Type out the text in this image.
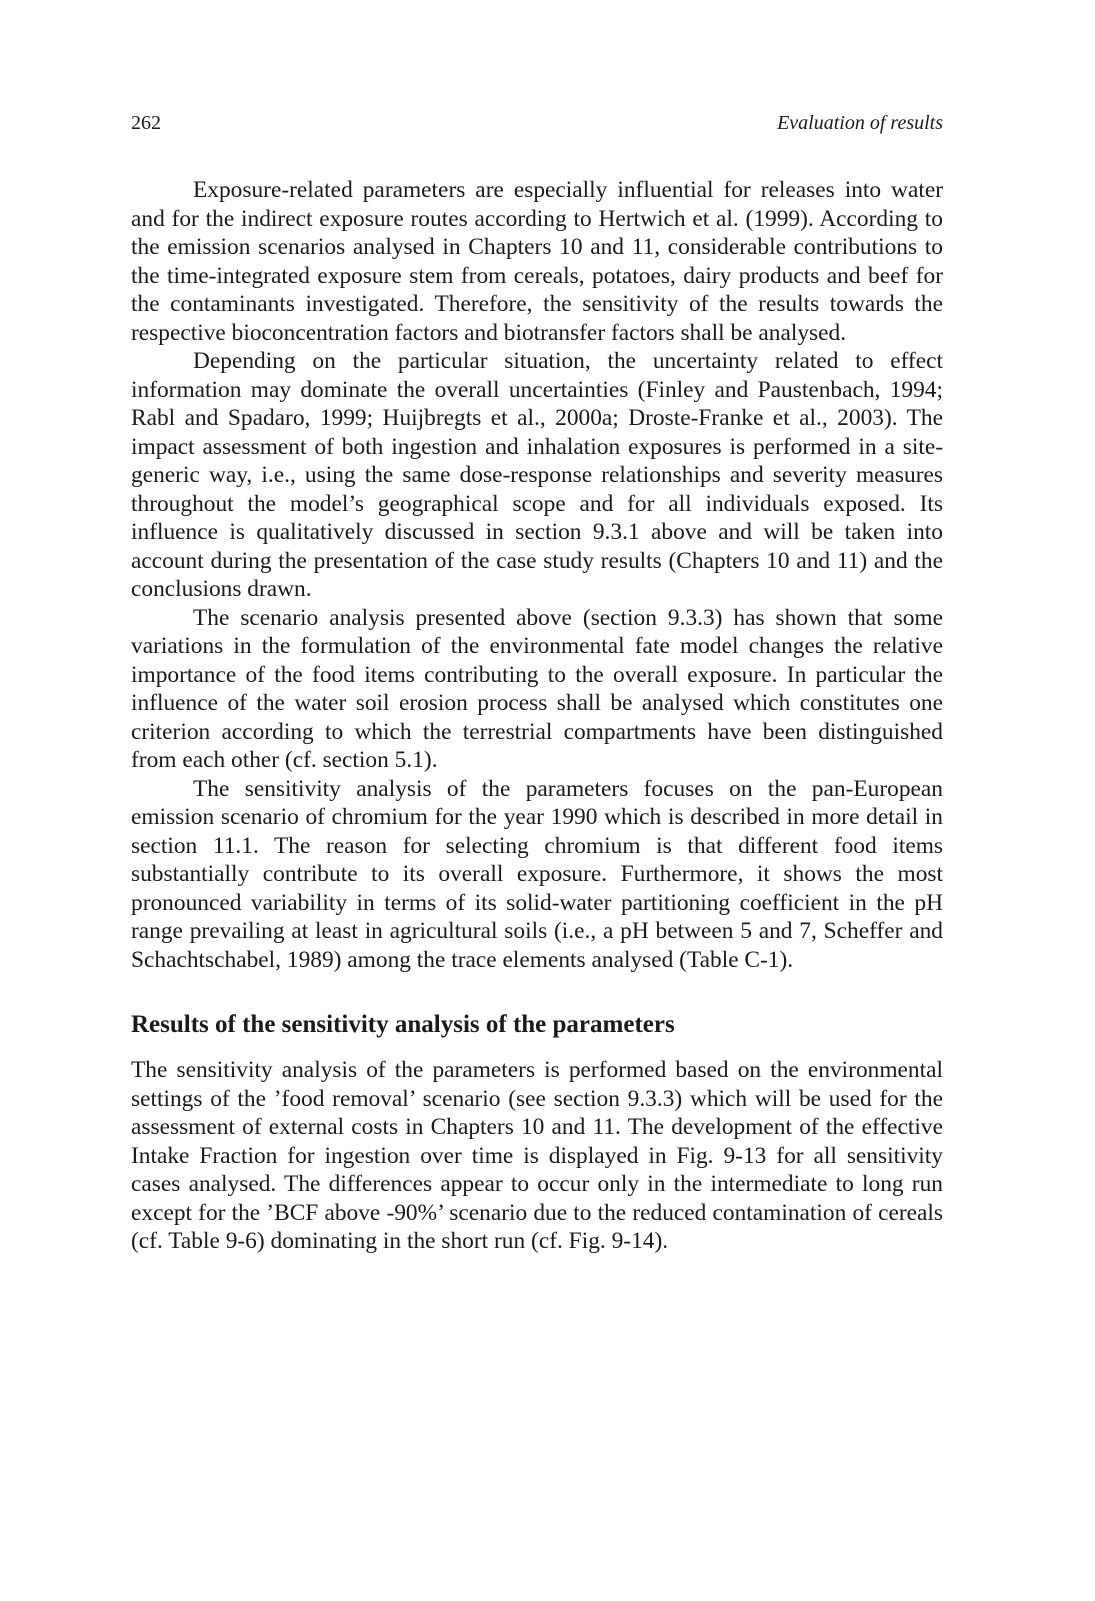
262	Evaluation of results

Exposure-related parameters are especially influential for releases into water and for the indirect exposure routes according to Hertwich et al. (1999). According to the emission scenarios analysed in Chapters 10 and 11, considerable contributions to the time-integrated exposure stem from cereals, potatoes, dairy products and beef for the contaminants investigated. Therefore, the sensitivity of the results towards the respective bioconcentration factors and biotransfer factors shall be analysed.

Depending on the particular situation, the uncertainty related to effect information may dominate the overall uncertainties (Finley and Paustenbach, 1994; Rabl and Spadaro, 1999; Huijbregts et al., 2000a; Droste-Franke et al., 2003). The impact assessment of both ingestion and inhalation exposures is performed in a site-generic way, i.e., using the same dose-response relationships and severity measures throughout the model’s geographical scope and for all individuals exposed. Its influence is qualitatively discussed in section 9.3.1 above and will be taken into account during the presentation of the case study results (Chapters 10 and 11) and the conclusions drawn.

The scenario analysis presented above (section 9.3.3) has shown that some variations in the formulation of the environmental fate model changes the relative importance of the food items contributing to the overall exposure. In particular the influence of the water soil erosion process shall be analysed which constitutes one criterion according to which the terrestrial compartments have been distinguished from each other (cf. section 5.1).

The sensitivity analysis of the parameters focuses on the pan-European emission scenario of chromium for the year 1990 which is described in more detail in section 11.1. The reason for selecting chromium is that different food items substantially contribute to its overall exposure. Furthermore, it shows the most pronounced variability in terms of its solid-water partitioning coefficient in the pH range prevailing at least in agricultural soils (i.e., a pH between 5 and 7, Scheffer and Schachtschabel, 1989) among the trace elements analysed (Table C-1).

Results of the sensitivity analysis of the parameters

The sensitivity analysis of the parameters is performed based on the environmental settings of the ’food removal’ scenario (see section 9.3.3) which will be used for the assessment of external costs in Chapters 10 and 11. The development of the effective Intake Fraction for ingestion over time is displayed in Fig. 9-13 for all sensitivity cases analysed. The differences appear to occur only in the intermediate to long run except for the ’BCF above -90%’ scenario due to the reduced contamination of cereals (cf. Table 9-6) dominating in the short run (cf. Fig. 9-14).
